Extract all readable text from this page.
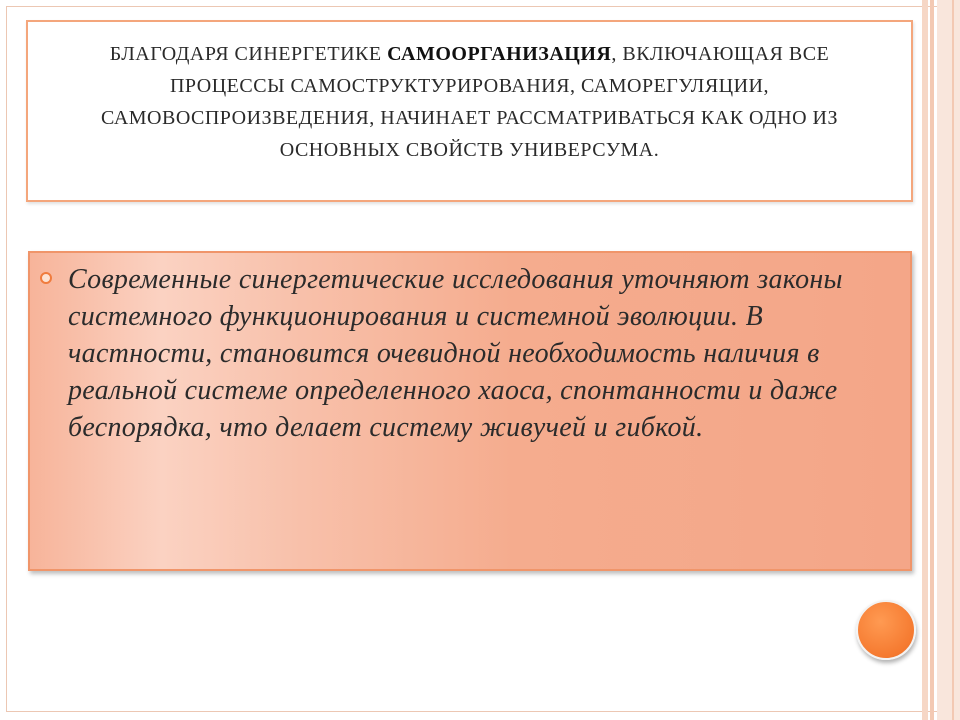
БЛАГОДАРЯ СИНЕРГЕТИКЕ САМООРГАНИЗАЦИЯ, ВКЛЮЧАЮЩАЯ ВСЕ ПРОЦЕССЫ САМОСТРУКТУРИРОВАНИЯ, САМОРЕГУЛЯЦИИ, САМОВОСПРОИЗВЕДЕНИЯ, НАЧИНАЕТ РАССМАТРИВАТЬСЯ КАК ОДНО ИЗ ОСНОВНЫХ СВОЙСТВ УНИВЕРСУМА.
Современные синергетические исследования уточняют законы системного функционирования и системной эволюции. В частности, становится очевидной необходимость наличия в реальной системе определенного хаоса, спонтанности и даже беспорядка, что делает систему живучей и гибкой.
